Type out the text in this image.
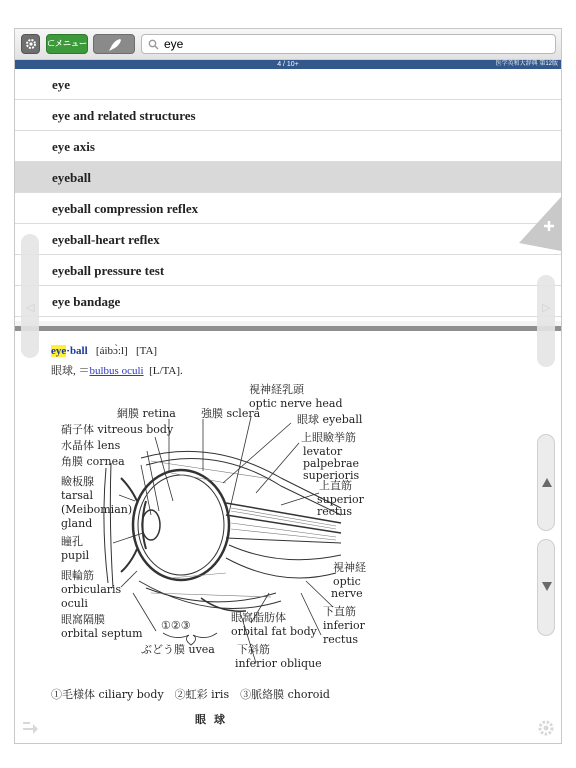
⊂メニュー
eye
4 / 10+	医学英和大辞典 第12版
eye
eye and related structures
eye axis
eyeball
eyeball compression reflex
eyeball-heart reflex
eyeball pressure test
eye bandage
eye·ball [áibɔ̀:l] [TA]
眼球, ＝bulbus oculi [L/TA].
視神経乳頭
optic nerve head
網膜 retina 強膜 sclera	眼球 eyeball
硝子体 vitreous body
水晶体 lens
角膜 cornea
上眼瞼挙筋
levator
palpebrae
superioris
瞼板腺
tarsal
(Meibomian)
gland
上直筋
superior
rectus
瞳孔
pupil
眼輪筋
orbicularis
oculi
視神経
optic
nerve
眼窩隔膜
orbital septum
眼窩脂肪体
orbital fat body
下直筋
inferior
rectus
①②③
ぶどう膜 uvea 下斜筋
inferior oblique
①毛様体 ciliary body　②虹彩 iris　③脈絡膜 choroid
眼球
◁	▷
